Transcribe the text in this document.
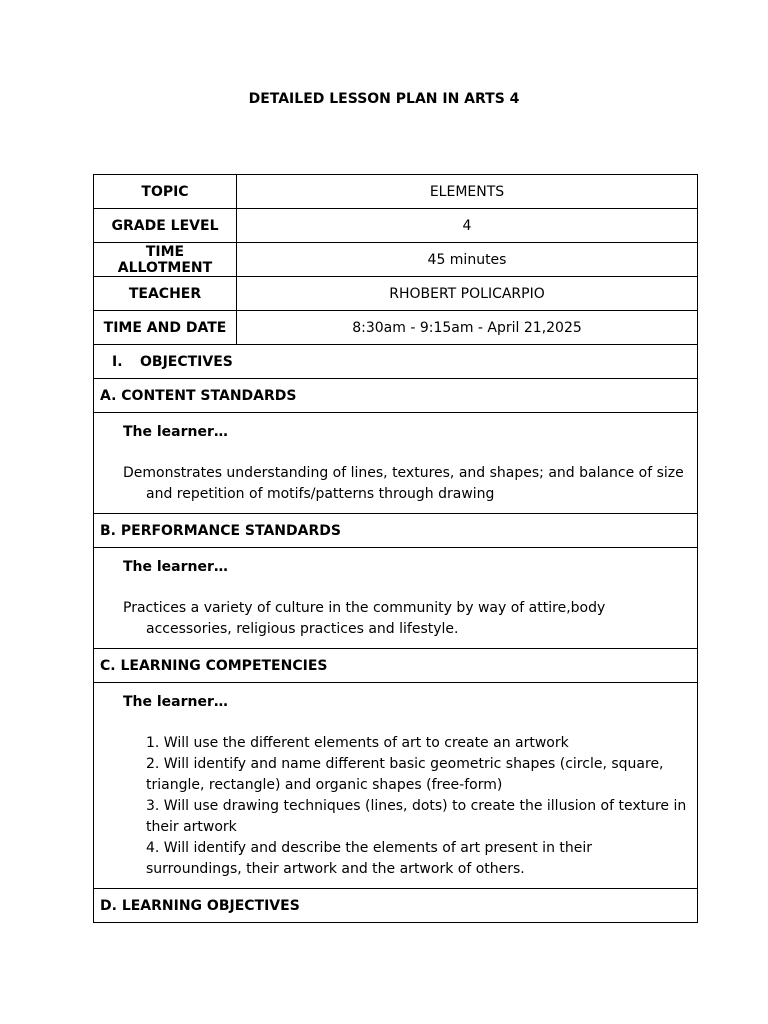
DETAILED LESSON PLAN IN ARTS 4
TOPIC	ELEMENTS
GRADE LEVEL	4
TIME ALLOTMENT	45 minutes
TEACHER	RHOBERT POLICARPIO
TIME AND DATE	8:30am - 9:15am - April 21,2025
I. OBJECTIVES	
A. CONTENT STANDARDS	

The learner…
Demonstrates understanding of lines, textures, and shapes; and balance of size and repetition of motifs/patterns through drawing	

B. PERFORMANCE STANDARDS	

The learner…
Practices a variety of culture in the community by way of attire,body accessories, religious practices and lifestyle.	

C. LEARNING COMPETENCIES	

The learner…
1. Will use the different elements of art to create an artwork
2. Will identify and name different basic geometric shapes (circle, square, triangle, rectangle) and organic shapes (free-form)
3. Will use drawing techniques (lines, dots) to create the illusion of texture in their artwork
4. Will identify and describe the elements of art present in their surroundings, their artwork and the artwork of others.	

D. LEARNING OBJECTIVES	
